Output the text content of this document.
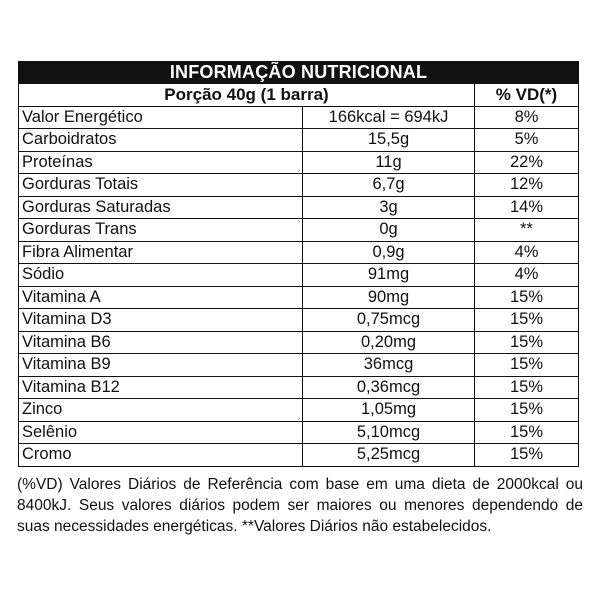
INFORMAÇÃO NUTRICIONAL		
Porção 40g (1 barra)		% VD(*)
Valor Energético	166kcal = 694kJ	8%
Carboidratos	15,5g	5%
Proteínas	11g	22%
Gorduras Totais	6,7g	12%
Gorduras Saturadas	3g	14%
Gorduras Trans	0g	**
Fibra Alimentar	0,9g	4%
Sódio	91mg	4%
Vitamina A	90mg	15%
Vitamina D3	0,75mcg	15%
Vitamina B6	0,20mg	15%
Vitamina B9	36mcg	15%
Vitamina B12	0,36mcg	15%
Zinco	1,05mg	15%
Selênio	5,10mcg	15%
Cromo	5,25mcg	15%
(%VD) Valores Diários de Referência com base em uma dieta de 2000kcal ou 8400kJ. Seus valores diários podem ser maiores ou menores dependendo de suas necessidades energéticas. **Valores Diários não estabelecidos.
